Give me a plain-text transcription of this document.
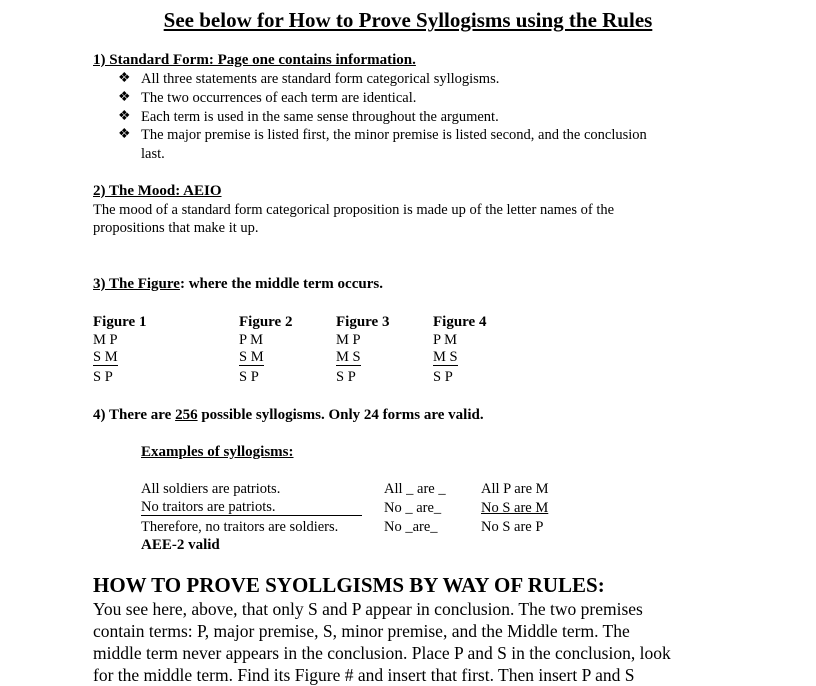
See below for How to Prove Syllogisms using the Rules
1) Standard Form: Page one contains information.
❖ All three statements are standard form categorical syllogisms.
❖ The two occurrences of each term are identical.
❖ Each term is used in the same sense throughout the argument.
❖ The major premise is listed first, the minor premise is listed second, and the conclusion
last.
2) The Mood: AEIO
The mood of a standard form categorical proposition is made up of the letter names of the
propositions that make it up.
3) The Figure: where the middle term occurs.
Figure 1
M P
S M
S P
Figure 2
P M
S M
S P
Figure 3
M P
M S
S P
Figure 4
P M
M S
S P
4) There are 256 possible syllogisms. Only 24 forms are valid.
Examples of syllogisms:
All soldiers are patriots.
No traitors are patriots.
Therefore, no traitors are soldiers.
All _ are _
No _ are_
No _are_
All P are M
No S are M
No S are P
AEE-2 valid
HOW TO PROVE SYOLLGISMS BY WAY OF RULES:
You see here, above, that only S and P appear in conclusion. The two premises
contain terms: P, major premise, S, minor premise, and the Middle term. The
middle term never appears in the conclusion. Place P and S in the conclusion, look
for the middle term. Find its Figure # and insert that first. Then insert P and S
